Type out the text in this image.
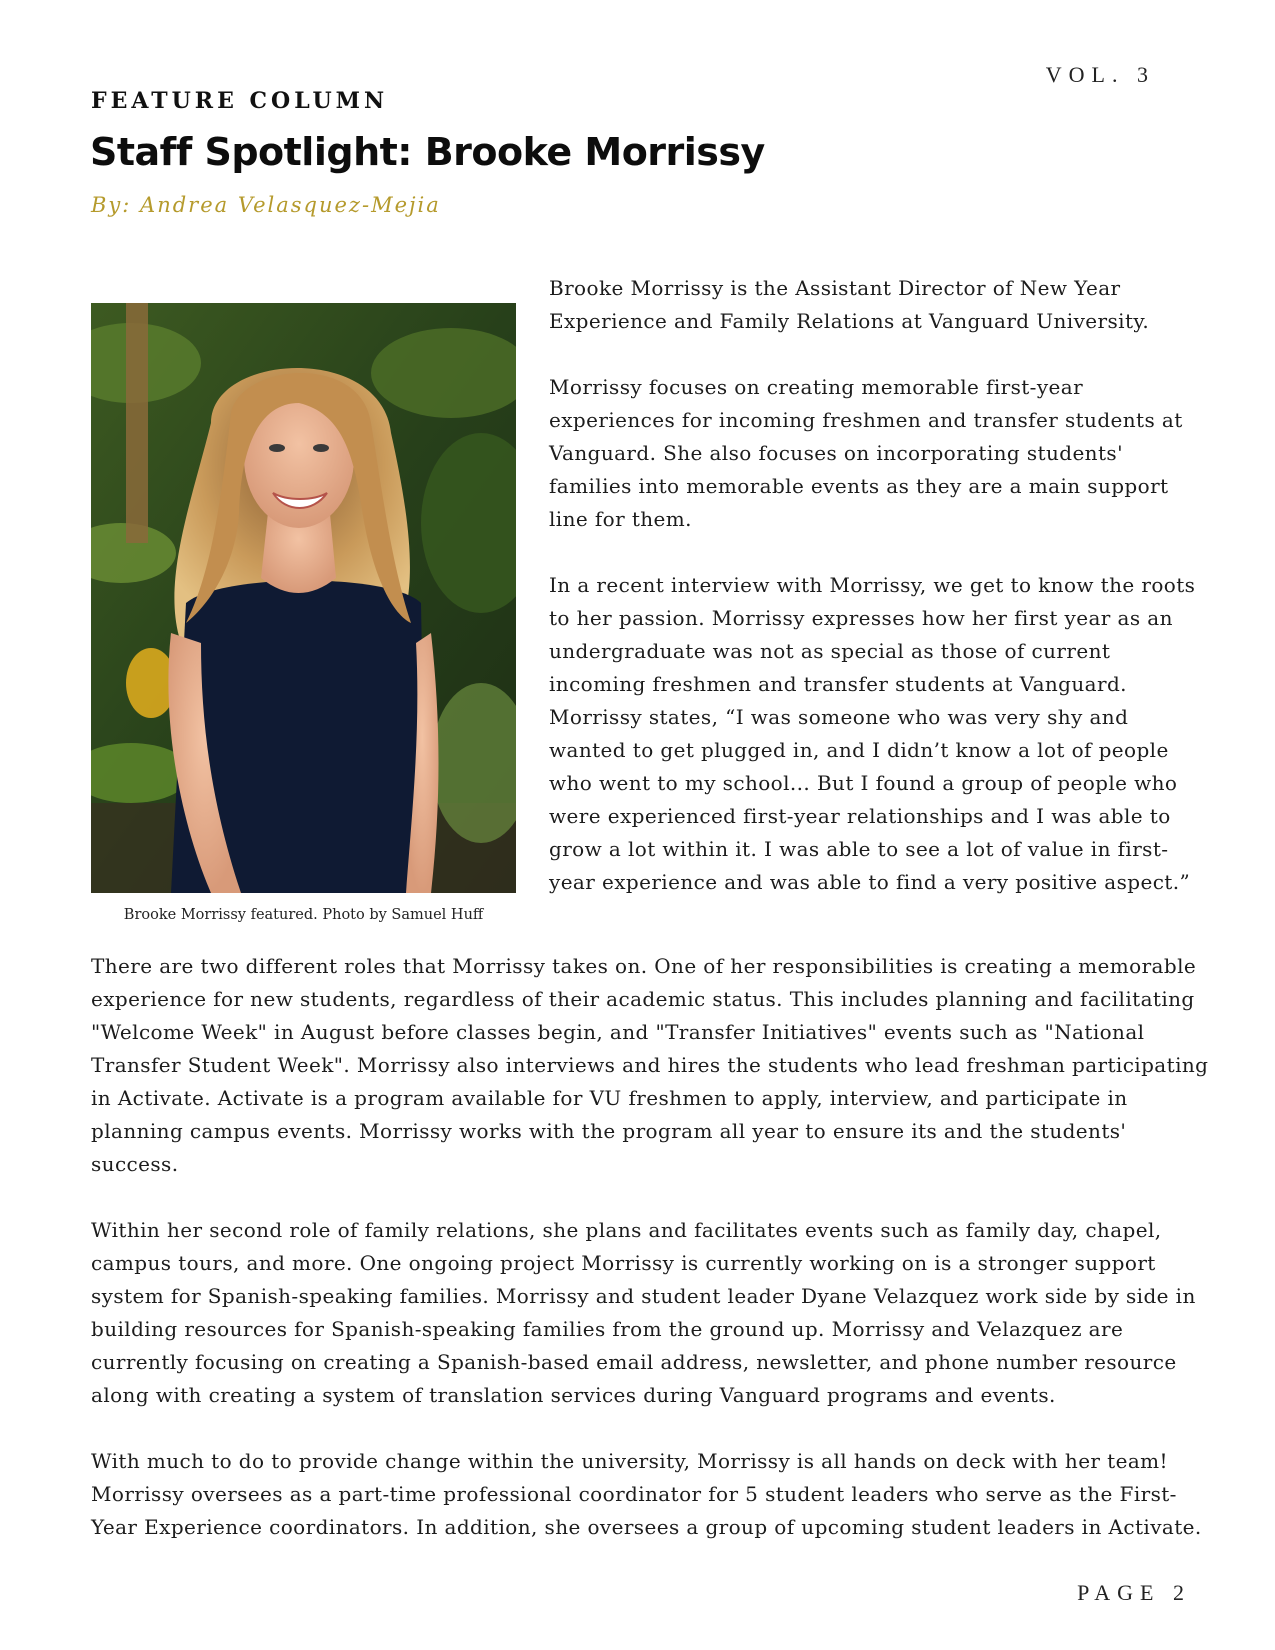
VOL. 3
FEATURE COLUMN
Staff Spotlight: Brooke Morrissy
By: Andrea Velasquez-Mejia
Brooke Morrissy featured. Photo by Samuel Huff

Brooke Morrissy is the Assistant Director of New Year Experience and Family Relations at Vanguard University.

Morrissy focuses on creating memorable first-year experiences for incoming freshmen and transfer students at Vanguard. She also focuses on incorporating students' families into memorable events as they are a main support line for them.

In a recent interview with Morrissy, we get to know the roots to her passion. Morrissy expresses how her first year as an undergraduate was not as special as those of current incoming freshmen and transfer students at Vanguard. Morrissy states, “I was someone who was very shy and wanted to get plugged in, and I didn’t know a lot of people who went to my school... But I found a group of people who were experienced first-year relationships and I was able to grow a lot within it. I was able to see a lot of value in first-year experience and was able to find a very positive aspect.”

There are two different roles that Morrissy takes on. One of her responsibilities is creating a memorable experience for new students, regardless of their academic status. This includes planning and facilitating "Welcome Week" in August before classes begin, and "Transfer Initiatives" events such as "National Transfer Student Week". Morrissy also interviews and hires the students who lead freshman participating in Activate. Activate is a program available for VU freshmen to apply, interview, and participate in planning campus events. Morrissy works with the program all year to ensure its and the students' success.

Within her second role of family relations, she plans and facilitates events such as family day, chapel, campus tours, and more. One ongoing project Morrissy is currently working on is a stronger support system for Spanish-speaking families. Morrissy and student leader Dyane Velazquez work side by side in building resources for Spanish-speaking families from the ground up. Morrissy and Velazquez are currently focusing on creating a Spanish-based email address, newsletter, and phone number resource along with creating a system of translation services during Vanguard programs and events.

With much to do to provide change within the university, Morrissy is all hands on deck with her team! Morrissy oversees as a part-time professional coordinator for 5 student leaders who serve as the First-Year Experience coordinators. In addition, she oversees a group of upcoming student leaders in Activate.

PAGE 2
